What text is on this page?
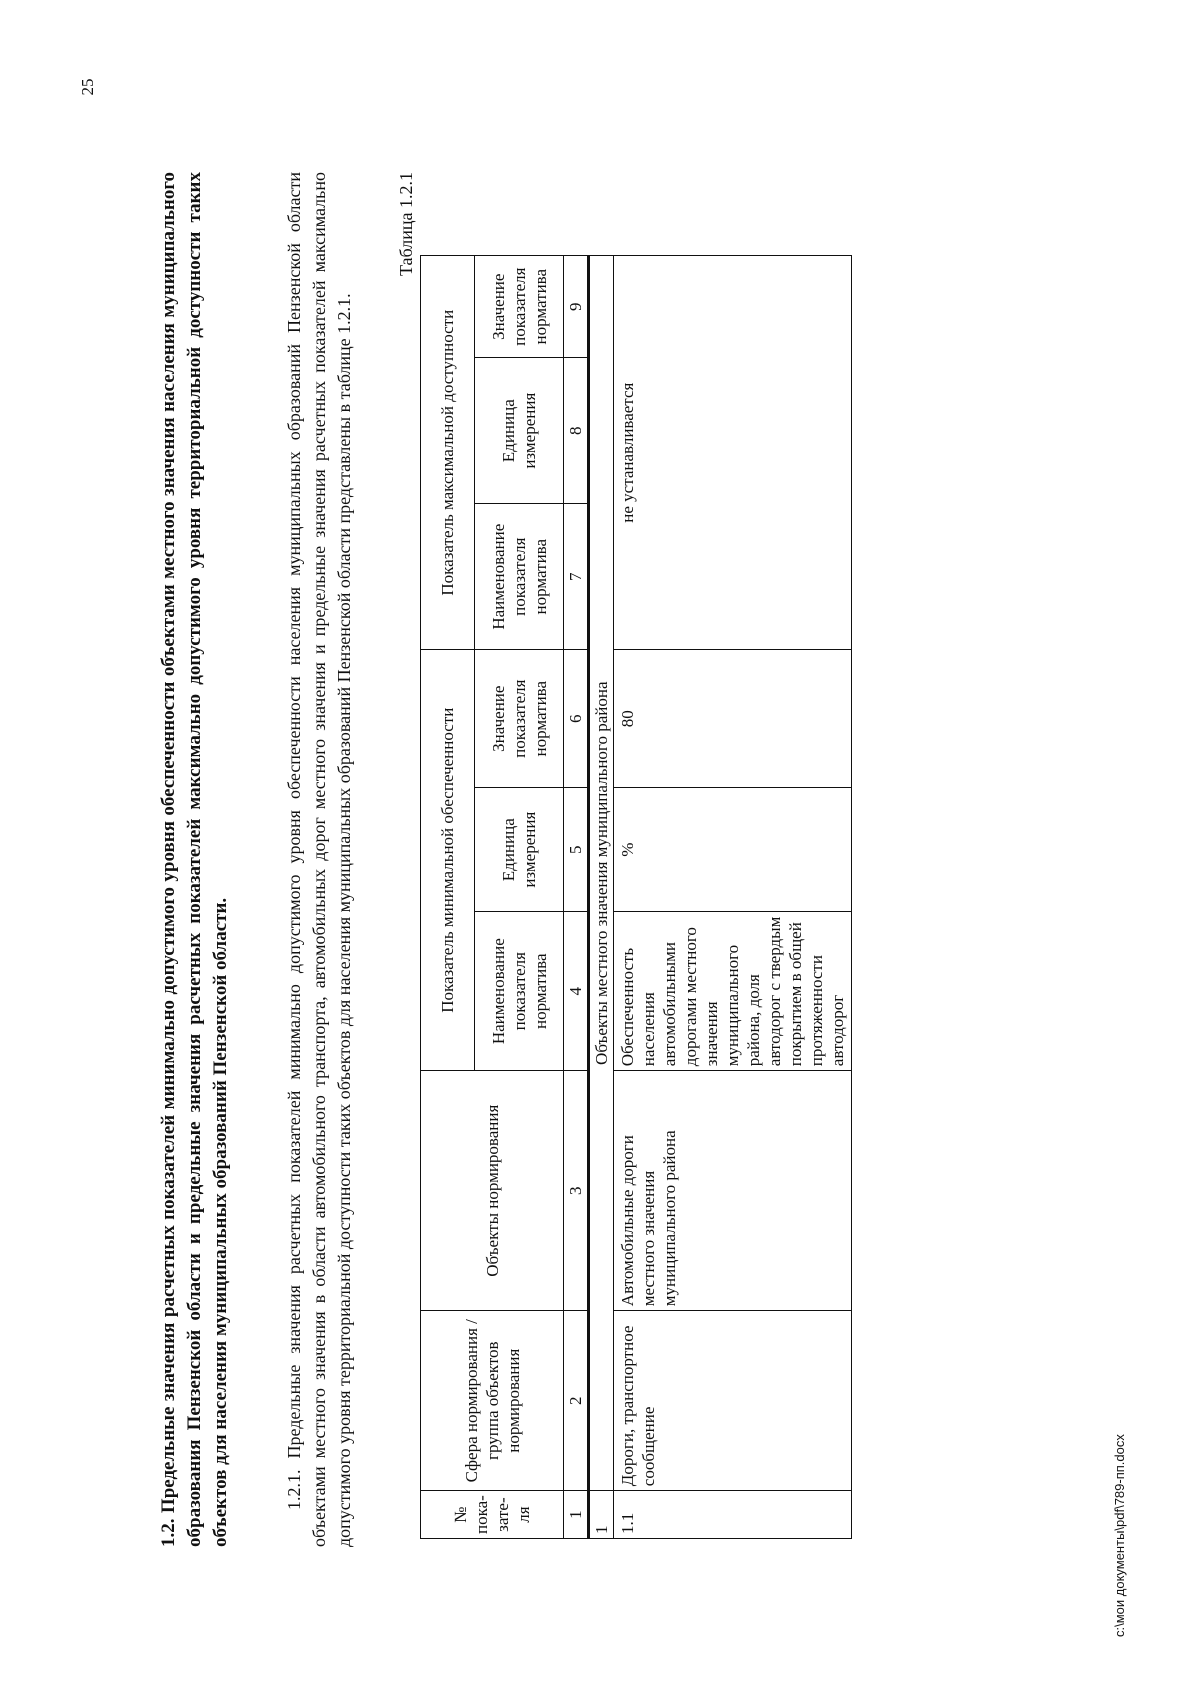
25
1.2. Предельные значения расчетных показателей минимально допустимого уровня обеспеченности объектами местного значения населения муниципального образования Пензенской области и предельные значения расчетных показателей максимально допустимого уровня территориальной доступности таких объектов для населения муниципальных образований Пензенской области.	1.2.1. Предельные значения расчетных показателей минимально допустимого уровня обеспеченности населения муниципальных образований Пензенской области объектами местного значения в области автомобильного транспорта, автомобильных дорог местного значения и предельные значения расчетных показателей максимально допустимого уровня территориальной доступности таких объектов для населения муниципальных образований Пензенской области представлены в таблице 1.2.1.
Таблица 1.2.1
№ пока- зате- ля	Сфера нормирования / группа объектов нормирования	Объекты нормирования	Показатель минимальной обеспеченности			Показатель максимальной доступности		
			Наименование показателя норматива	Единица измерения	Значение показателя норматива	Наименование показателя норматива	Единица измерения	Значение показателя норматива
1	2	3	4	5	6	7	8	9
1	Объекты местного значения муниципального района							
1.1	Дороги, транспортное сообщение	Автомобильные дороги местного значения муниципального района	Обеспеченность населения автомобильными дорогами местного значения муниципального района, доля автодорог с твердым покрытием в общей протяженности автодорог	%	80	не устанавливается		
c:\мои документы\pdf\789-пп.docx
